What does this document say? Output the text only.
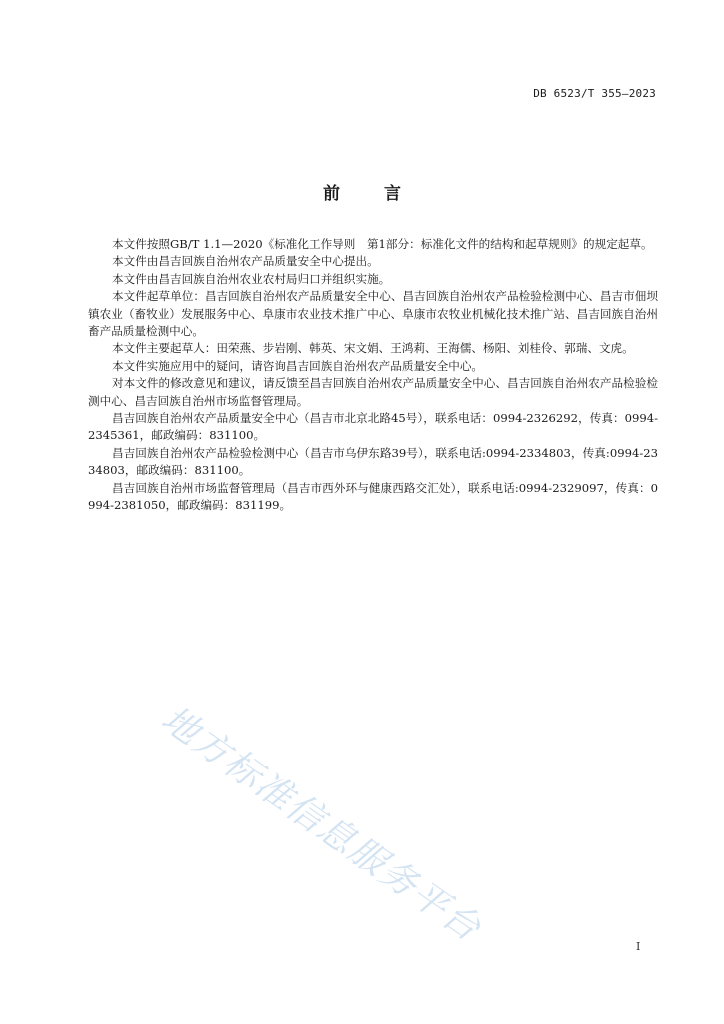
DB 6523/T 355—2023
前	言

本文件按照GB/T 1.1—2020《标准化工作导则　第1部分：标准化文件的结构和起草规则》的规定起草。

本文件由昌吉回族自治州农产品质量安全中心提出。

本文件由昌吉回族自治州农业农村局归口并组织实施。

本文件起草单位：昌吉回族自治州农产品质量安全中心、昌吉回族自治州农产品检验检测中心、昌吉市佃坝镇农业（畜牧业）发展服务中心、阜康市农业技术推广中心、阜康市农牧业机械化技术推广站、昌吉回族自治州畜产品质量检测中心。

本文件主要起草人：田荣燕、步岩刚、韩英、宋文娟、王鸿莉、王海儒、杨阳、刘桂伶、郭瑞、文虎。

本文件实施应用中的疑问，请咨询昌吉回族自治州农产品质量安全中心。

对本文件的修改意见和建议，请反馈至昌吉回族自治州农产品质量安全中心、昌吉回族自治州农产品检验检测中心、昌吉回族自治州市场监督管理局。

昌吉回族自治州农产品质量安全中心（昌吉市北京北路45号），联系电话：0994-2326292，传真：0994-2345361，邮政编码：831100。

昌吉回族自治州农产品检验检测中心（昌吉市乌伊东路39号），联系电话:0994-2334803，传真:0994-2334803，邮政编码：831100。

昌吉回族自治州市场监督管理局（昌吉市西外环与健康西路交汇处），联系电话:0994-2329097，传真：0994-2381050，邮政编码：831199。

地方标准信息服务平台	I
